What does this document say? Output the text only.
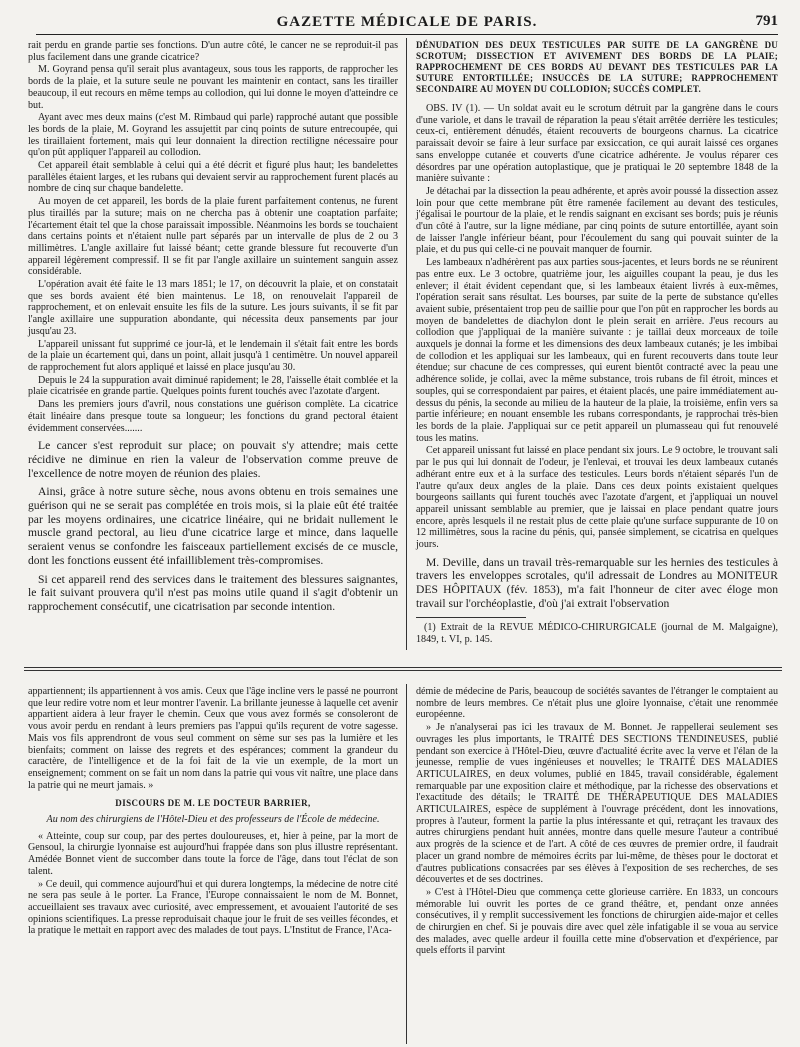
GAZETTE MÉDICALE DE PARIS.	791

rait perdu en grande partie ses fonctions. D'un autre côté, le cancer ne se reproduit-il pas plus facilement dans une grande cicatrice?

M. Goyrand pensa qu'il serait plus avantageux, sous tous les rapports, de rapprocher les bords de la plaie, et la suture seule ne pouvant les maintenir en contact, sans les tirailler beaucoup, il eut recours en même temps au collodion, qui lui donne le moyen d'atteindre ce but.

Ayant avec mes deux mains (c'est M. Rimbaud qui parle) rapproché autant que possible les bords de la plaie, M. Goyrand les assujettit par cinq points de suture entrecoupée, qui les tiraillaient fortement, mais qui leur donnaient la direction rectiligne nécessaire pour qu'on pût appliquer l'appareil au collodion.

Cet appareil était semblable à celui qui a été décrit et figuré plus haut; les bandelettes parallèles étaient larges, et les rubans qui devaient servir au rapprochement furent placés au nombre de cinq sur chaque bandelette.

Au moyen de cet appareil, les bords de la plaie furent parfaitement contenus, ne furent plus tiraillés par la suture; mais on ne chercha pas à obtenir une coaptation parfaite; l'écartement était tel que la chose paraissait impossible. Néanmoins les bords se touchaient dans certains points et n'étaient nulle part séparés par un intervalle de plus de 2 ou 3 millimètres. L'angle axillaire fut laissé béant; cette grande blessure fut recouverte d'un appareil légèrement compressif. Il se fit par l'angle axillaire un suintement sanguin assez considérable.

L'opération avait été faite le 13 mars 1851; le 17, on découvrit la plaie, et on constatait que ses bords avaient été bien maintenus. Le 18, on renouvelait l'appareil de rapprochement, et on enlevait ensuite les fils de la suture. Les jours suivants, il se fit par l'angle axillaire une suppuration abondante, qui nécessita deux pansements par jour jusqu'au 23.

L'appareil unissant fut supprimé ce jour-là, et le lendemain il s'était fait entre les bords de la plaie un écartement qui, dans un point, allait jusqu'à 1 centimètre. Un nouvel appareil de rapprochement fut alors appliqué et laissé en place jusqu'au 30.

Depuis le 24 la suppuration avait diminué rapidement; le 28, l'aisselle était comblée et la plaie cicatrisée en grande partie. Quelques points furent touchés avec l'azotate d'argent.

Dans les premiers jours d'avril, nous constations une guérison complète. La cicatrice était linéaire dans presque toute sa longueur; les fonctions du grand pectoral étaient évidemment conservées.......

Le cancer s'est reproduit sur place; on pouvait s'y attendre; mais cette récidive ne diminue en rien la valeur de l'observation comme preuve de l'excellence de notre moyen de réunion des plaies.

Ainsi, grâce à notre suture sèche, nous avons obtenu en trois semaines une guérison qui ne se serait pas complétée en trois mois, si la plaie eût été traitée par les moyens ordinaires, une cicatrice linéaire, qui ne bridait nullement le muscle grand pectoral, au lieu d'une cicatrice large et mince, dans laquelle seraient venus se confondre les faisceaux partiellement excisés de ce muscle, dont les fonctions eussent été infailliblement très-compromises.

Si cet appareil rend des services dans le traitement des blessures saignantes, le fait suivant prouvera qu'il n'est pas moins utile quand il s'agit d'obtenir un rapprochement consécutif, une cicatrisation par seconde intention.

DÉNUDATION DES DEUX TESTICULES PAR SUITE DE LA GANGRÈNE DU SCROTUM; DISSECTION ET AVIVEMENT DES BORDS DE LA PLAIE; RAPPROCHEMENT DE CES BORDS AU DEVANT DES TESTICULES PAR LA SUTURE ENTORTILLÉE; INSUCCÈS DE LA SUTURE; RAPPROCHEMENT SECONDAIRE AU MOYEN DU COLLODION; SUCCÈS COMPLET.

OBS. IV (1). — Un soldat avait eu le scrotum détruit par la gangrène dans le cours d'une variole, et dans le travail de réparation la peau s'était arrêtée derrière les testicules; ceux-ci, entièrement dénudés, étaient recouverts de bourgeons charnus. La cicatrice paraissait devoir se faire à leur surface par exsiccation, ce qui aurait laissé ces organes sans enveloppe cutanée et couverts d'une cicatrice adhérente. Je voulus réparer ces désordres par une opération autoplastique, que je pratiquai le 20 septembre 1848 de la manière suivante :

Je détachai par la dissection la peau adhérente, et après avoir poussé la dissection assez loin pour que cette membrane pût être ramenée facilement au devant des testicules, j'égalisai le pourtour de la plaie, et le rendis saignant en excisant ses bords; puis je réunis d'un côté à l'autre, sur la ligne médiane, par cinq points de suture entortillée, ayant soin de laisser l'angle inférieur béant, pour l'écoulement du sang qui pouvait suinter de la plaie, et du pus qui celle-ci ne pouvait manquer de fournir.

Les lambeaux n'adhérèrent pas aux parties sous-jacentes, et leurs bords ne se réunirent pas entre eux. Le 3 octobre, quatrième jour, les aiguilles coupant la peau, je dus les enlever; il était évident cependant que, si les lambeaux étaient livrés à eux-mêmes, l'opération serait sans résultat. Les bourses, par suite de la perte de substance qu'elles avaient subie, présentaient trop peu de saillie pour que l'on pût en rapprocher les bords au moyen de bandelettes de diachylon dont le plein serait en arrière. J'eus recours au collodion que j'appliquai de la manière suivante : je taillai deux morceaux de toile auxquels je donnai la forme et les dimensions des deux lambeaux cutanés; je les imbibai de collodion et les appliquai sur les lambeaux, qui en furent recouverts dans toute leur étendue; sur chacune de ces compresses, qui eurent bientôt contracté avec la peau une adhérence solide, je collai, avec la même substance, trois rubans de fil étroit, minces et souples, qui se correspondaient par paires, et étaient placés, une paire immédiatement au-dessus du pénis, la seconde au milieu de la hauteur de la plaie, la troisième, enfin vers sa partie inférieure; en nouant ensemble les rubans correspondants, je rapprochai très-bien les bords de la plaie. J'appliquai sur ce petit appareil un plumasseau qui fut renouvelé tous les matins.

Cet appareil unissant fut laissé en place pendant six jours. Le 9 octobre, le trouvant sali par le pus qui lui donnait de l'odeur, je l'enlevai, et trouvai les deux lambeaux cutanés adhérant entre eux et à la surface des testicules. Leurs bords n'étaient séparés l'un de l'autre qu'aux deux angles de la plaie. Dans ces deux points existaient quelques bourgeons saillants qui furent touchés avec l'azotate d'argent, et j'appliquai un nouvel appareil unissant semblable au premier, que je laissai en place pendant quatre jours encore, après lesquels il ne restait plus de cette plaie qu'une surface suppurante de 10 on 12 millimètres, sous la racine du pénis, qui, pansée simplement, se cicatrisa en quelques jours.

M. Deville, dans un travail très-remarquable sur les hernies des testicules à travers les enveloppes scrotales, qu'il adressait de Londres au MONITEUR DES HÔPITAUX (fév. 1853), m'a fait l'honneur de citer avec éloge mon travail sur l'orchéoplastie, d'où j'ai extrait l'observation

(1) Extrait de la REVUE MÉDICO-CHIRURGICALE (journal de M. Malgaigne), 1849, t. VI, p. 145.

appartiennent; ils appartiennent à vos amis. Ceux que l'âge incline vers le passé ne pourront que leur redire votre nom et leur montrer l'avenir. La brillante jeunesse à laquelle cet avenir appartient aidera à leur frayer le chemin. Ceux que vous avez formés se consoleront de vous avoir perdu en rendant à leurs premiers pas l'appui qu'ils reçurent de votre sagesse. Mais vos fils apprendront de vous seul comment on sème sur ses pas la lumière et les bienfaits; comment on laisse des regrets et des espérances; comment la grandeur du caractère, de l'intelligence et de la foi fait de la vie un exemple, de la mort un enseignement; comment on se fait un nom dans la patrie qui vous vit naître, une place dans la patrie qui ne meurt jamais. »

DISCOURS DE M. LE DOCTEUR BARRIER,
Au nom des chirurgiens de l'Hôtel-Dieu et des professeurs de l'École de médecine.

« Atteinte, coup sur coup, par des pertes douloureuses, et, hier à peine, par la mort de Gensoul, la chirurgie lyonnaise est aujourd'hui frappée dans son plus illustre représentant. Amédée Bonnet vient de succomber dans toute la force de l'âge, dans tout l'éclat de son talent.

» Ce deuil, qui commence aujourd'hui et qui durera longtemps, la médecine de notre cité ne sera pas seule à le porter. La France, l'Europe connaissaient le nom de M. Bonnet, accueillaient ses travaux avec curiosité, avec empressement, et avouaient l'autorité de ses opinions scientifiques. La presse reproduisait chaque jour le fruit de ses veilles fécondes, et la pratique le mettait en rapport avec des malades de tout pays. L'Institut de France, l'Aca-

démie de médecine de Paris, beaucoup de sociétés savantes de l'étranger le comptaient au nombre de leurs membres. Ce n'était plus une gloire lyonnaise, c'était une renommée européenne.

» Je n'analyserai pas ici les travaux de M. Bonnet. Je rappellerai seulement ses ouvrages les plus importants, le TRAITÉ DES SECTIONS TENDINEUSES, publié pendant son exercice à l'Hôtel-Dieu, œuvre d'actualité écrite avec la verve et l'élan de la jeunesse, remplie de vues ingénieuses et nouvelles; le TRAITÉ DES MALADIES ARTICULAIRES, en deux volumes, publié en 1845, travail considérable, également remarquable par une exposition claire et méthodique, par la richesse des observations et l'exactitude des détails; le TRAITÉ DE THÉRAPEUTIQUE DES MALADIES ARTICULAIRES, espèce de supplément à l'ouvrage précédent, dont les innovations, propres à l'auteur, forment la partie la plus intéressante et qui, retraçant les travaux des autres chirurgiens pendant huit années, montre dans quelle mesure l'auteur a contribué aux progrès de la science et de l'art. A côté de ces œuvres de premier ordre, il faudrait placer un grand nombre de mémoires écrits par lui-même, de thèses pour le doctorat et d'autres publications consacrées par ses élèves à l'exposition de ses recherches, de ses découvertes et de ses doctrines.

» C'est à l'Hôtel-Dieu que commença cette glorieuse carrière. En 1833, un concours mémorable lui ouvrit les portes de ce grand théâtre, et, pendant onze années consécutives, il y remplit successivement les fonctions de chirurgien aide-major et celles de chirurgien en chef. Si je pouvais dire avec quel zèle infatigable il se voua au service des malades, avec quelle ardeur il fouilla cette mine d'observation et d'expérience, par quels efforts il parvint
